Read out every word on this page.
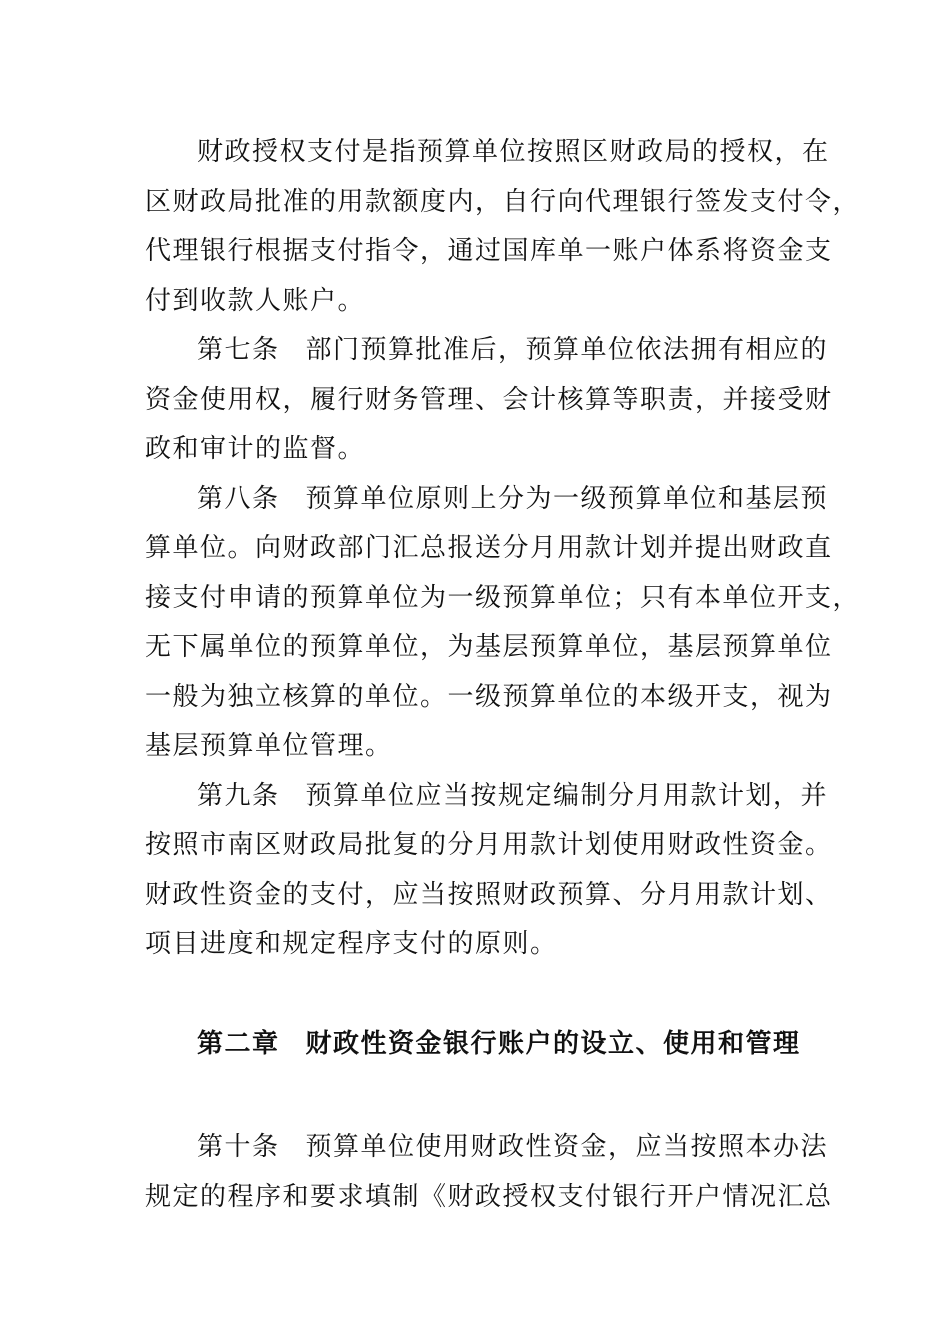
财政授权支付是指预算单位按照区财政局的授权，在
区财政局批准的用款额度内，自行向代理银行签发支付令，
代理银行根据支付指令，通过国库单一账户体系将资金支
付到收款人账户。
第七条 部门预算批准后，预算单位依法拥有相应的
资金使用权，履行财务管理、会计核算等职责，并接受财
政和审计的监督。
第八条 预算单位原则上分为一级预算单位和基层预
算单位。向财政部门汇总报送分月用款计划并提出财政直
接支付申请的预算单位为一级预算单位；只有本单位开支，
无下属单位的预算单位，为基层预算单位，基层预算单位
一般为独立核算的单位。一级预算单位的本级开支，视为
基层预算单位管理。
第九条 预算单位应当按规定编制分月用款计划，并
按照市南区财政局批复的分月用款计划使用财政性资金。
财政性资金的支付，应当按照财政预算、分月用款计划、
项目进度和规定程序支付的原则。
第二章 财政性资金银行账户的设立、使用和管理
第十条 预算单位使用财政性资金，应当按照本办法
规定的程序和要求填制《财政授权支付银行开户情况汇总
